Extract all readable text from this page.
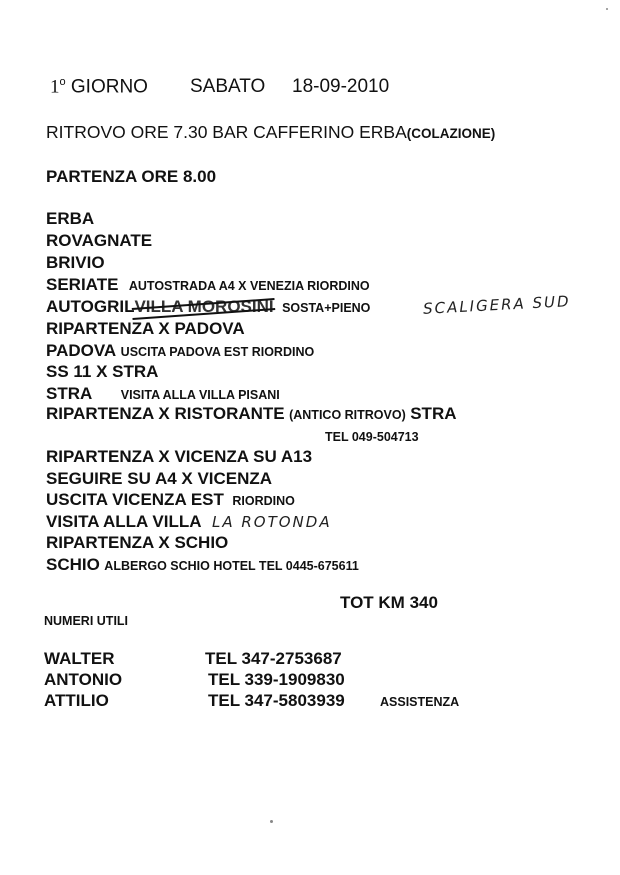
1$^o$ GIORNO SABATO 18-09-2010
RITROVO ORE 7.30 BAR CAFFERINO ERBA(COLAZIONE)
PARTENZA ORE 8.00
ERBA
ROVAGNATE
BRIVIO
SERIATE AUTOSTRADA A4 X VENEZIA RIORDINO
AUTOGRILVILLA MOROSINI SOSTA+PIENO	SCALIGERA SUD
RIPARTENZA X PADOVA
PADOVA USCITA PADOVA EST RIORDINO
SS 11 X STRA
STRA VISITA ALLA VILLA PISANI
RIPARTENZA X RISTORANTE (ANTICO RITROVO) STRA
TEL 049-504713
RIPARTENZA X VICENZA SU A13
SEGUIRE SU A4 X VICENZA
USCITA VICENZA EST RIORDINO
VISITA ALLA VILLA LA ROTONDA
RIPARTENZA X SCHIO
SCHIO ALBERGO SCHIO HOTEL TEL 0445-675611
TOT KM 340
NUMERI UTILI
WALTER	TEL 347-2753687
ANTONIO	TEL 339-1909830
ATTILIO	TEL 347-5803939	ASSISTENZA
